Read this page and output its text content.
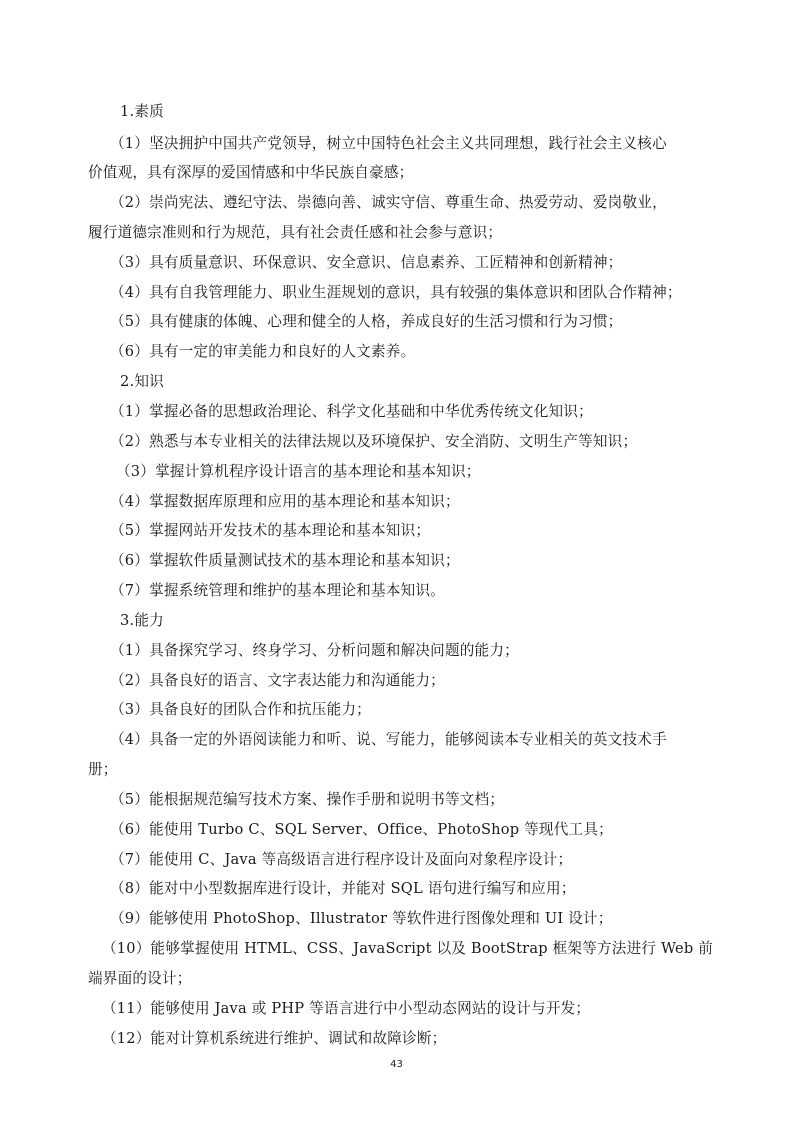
1.素质
（1）坚决拥护中国共产党领导，树立中国特色社会主义共同理想，践行社会主义核心
价值观，具有深厚的爱国情感和中华民族自豪感；
（2）崇尚宪法、遵纪守法、崇德向善、诚实守信、尊重生命、热爱劳动、爱岗敬业，
履行道德宗准则和行为规范，具有社会责任感和社会参与意识；
（3）具有质量意识、环保意识、安全意识、信息素养、工匠精神和创新精神；
（4）具有自我管理能力、职业生涯规划的意识，具有较强的集体意识和团队合作精神；
（5）具有健康的体魄、心理和健全的人格，养成良好的生活习惯和行为习惯；
（6）具有一定的审美能力和良好的人文素养。
2.知识
（1）掌握必备的思想政治理论、科学文化基础和中华优秀传统文化知识；
（2）熟悉与本专业相关的法律法规以及环境保护、安全消防、文明生产等知识；
（3）掌握计算机程序设计语言的基本理论和基本知识；
（4）掌握数据库原理和应用的基本理论和基本知识；
（5）掌握网站开发技术的基本理论和基本知识；
（6）掌握软件质量测试技术的基本理论和基本知识；
（7）掌握系统管理和维护的基本理论和基本知识。
3.能力
（1）具备探究学习、终身学习、分析问题和解决问题的能力；
（2）具备良好的语言、文字表达能力和沟通能力；
（3）具备良好的团队合作和抗压能力；
（4）具备一定的外语阅读能力和听、说、写能力，能够阅读本专业相关的英文技术手
册；
（5）能根据规范编写技术方案、操作手册和说明书等文档；
（6）能使用 Turbo C、SQL Server、Office、PhotoShop 等现代工具；
（7）能使用 C、Java 等高级语言进行程序设计及面向对象程序设计；
（8）能对中小型数据库进行设计，并能对 SQL 语句进行编写和应用；
（9）能够使用 PhotoShop、Illustrator 等软件进行图像处理和 UI 设计；
（10）能够掌握使用 HTML、CSS、JavaScript 以及 BootStrap 框架等方法进行 Web 前
端界面的设计；
（11）能够使用 Java 或 PHP 等语言进行中小型动态网站的设计与开发；
（12）能对计算机系统进行维护、调试和故障诊断；
43
